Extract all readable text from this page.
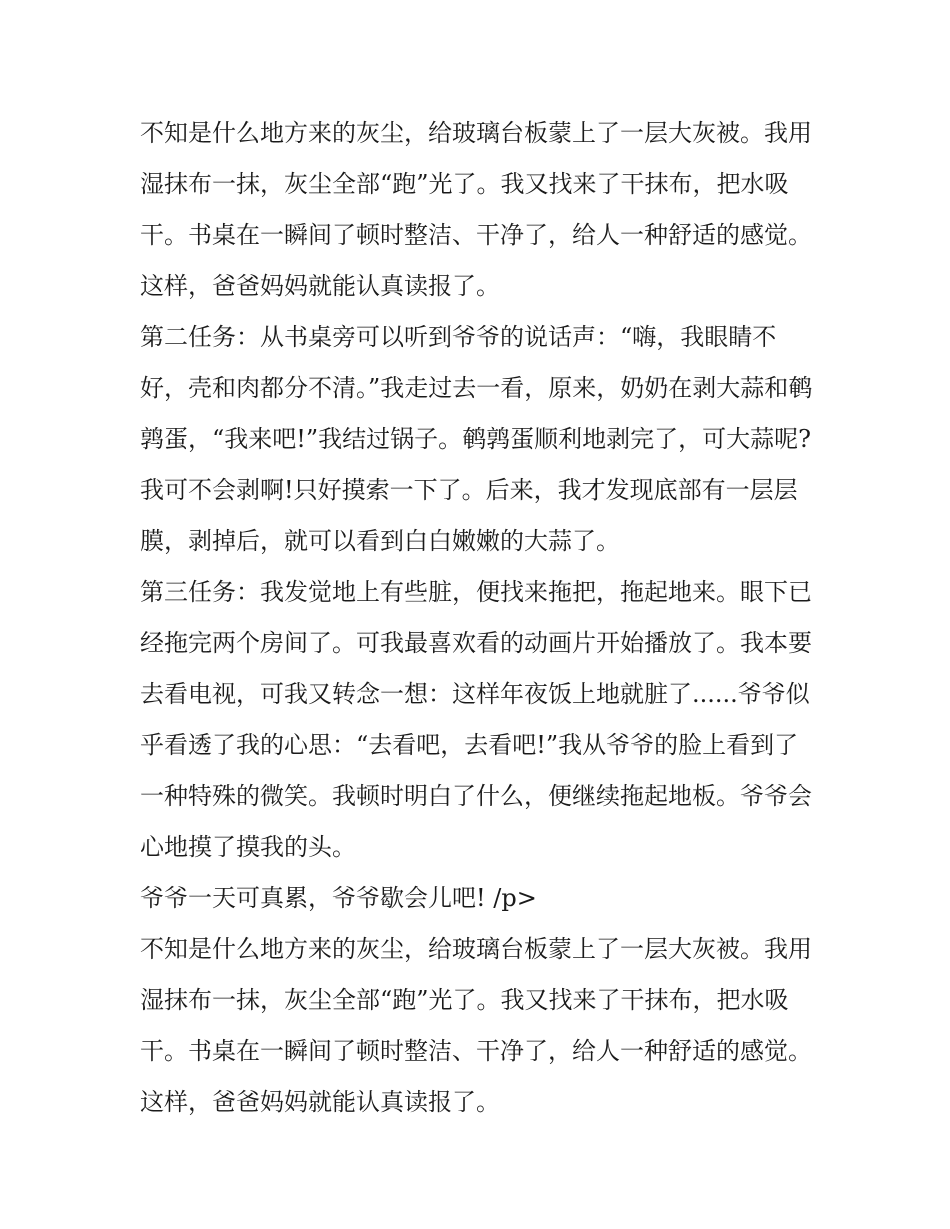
不知是什么地方来的灰尘，给玻璃台板蒙上了一层大灰被。我用湿抹布一抹，灰尘全部“跑”光了。我又找来了干抹布，把水吸干。书桌在一瞬间了顿时整洁、干净了，给人一种舒适的感觉。这样，爸爸妈妈就能认真读报了。

第二任务：从书桌旁可以听到爷爷的说话声：“嗨，我眼睛不好，壳和肉都分不清。”我走过去一看，原来，奶奶在剥大蒜和鹌鹑蛋，“我来吧!”我结过锅子。鹌鹑蛋顺利地剥完了，可大蒜呢?我可不会剥啊!只好摸索一下了。后来，我才发现底部有一层层膜，剥掉后，就可以看到白白嫩嫩的大蒜了。

第三任务：我发觉地上有些脏，便找来拖把，拖起地来。眼下已经拖完两个房间了。可我最喜欢看的动画片开始播放了。我本要去看电视，可我又转念一想：这样年夜饭上地就脏了......爷爷似乎看透了我的心思：“去看吧，去看吧!”我从爷爷的脸上看到了一种特殊的微笑。我顿时明白了什么，便继续拖起地板。爷爷会心地摸了摸我的头。

爷爷一天可真累，爷爷歇会儿吧! /p>

不知是什么地方来的灰尘，给玻璃台板蒙上了一层大灰被。我用湿抹布一抹，灰尘全部“跑”光了。我又找来了干抹布，把水吸干。书桌在一瞬间了顿时整洁、干净了，给人一种舒适的感觉。这样，爸爸妈妈就能认真读报了。
